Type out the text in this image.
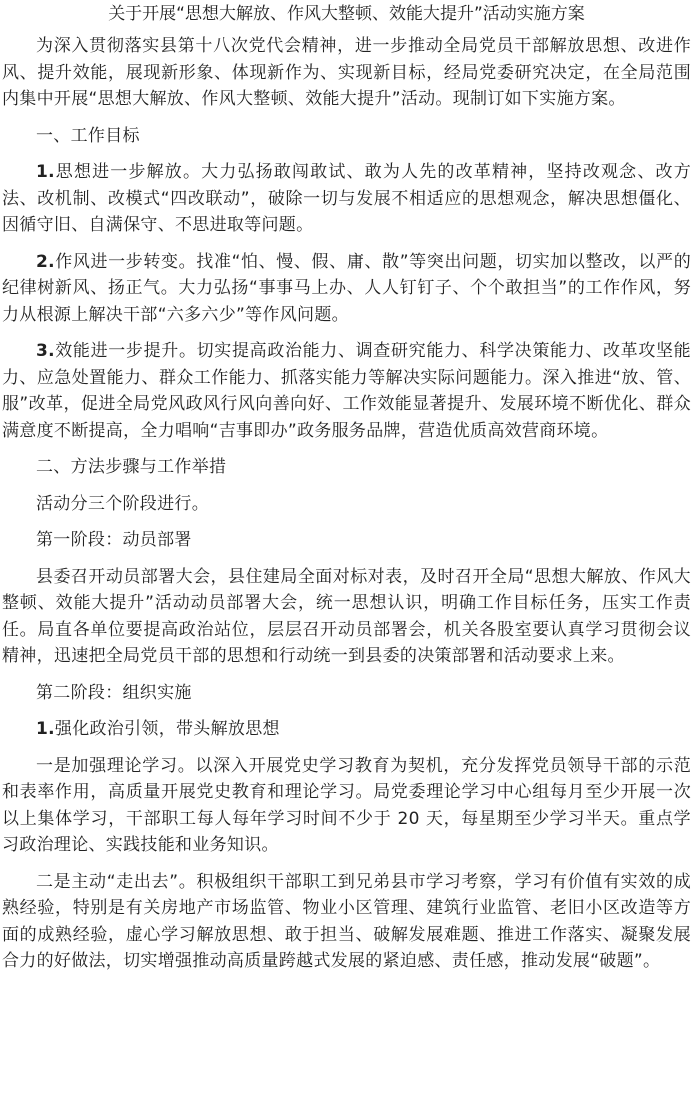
关于开展“思想大解放、作风大整顿、效能大提升”活动实施方案

为深入贯彻落实县第十八次党代会精神，进一步推动全局党员干部解放思想、改进作风、提升效能，展现新形象、体现新作为、实现新目标，经局党委研究决定，在全局范围内集中开展“思想大解放、作风大整顿、效能大提升”活动。现制订如下实施方案。

一、工作目标

1.思想进一步解放。大力弘扬敢闯敢试、敢为人先的改革精神，坚持改观念、改方法、改机制、改模式“四改联动”，破除一切与发展不相适应的思想观念，解决思想僵化、因循守旧、自满保守、不思进取等问题。

2.作风进一步转变。找准“怕、慢、假、庸、散”等突出问题，切实加以整改，以严的纪律树新风、扬正气。大力弘扬“事事马上办、人人钉钉子、个个敢担当”的工作作风，努力从根源上解决干部“六多六少”等作风问题。

3.效能进一步提升。切实提高政治能力、调查研究能力、科学决策能力、改革攻坚能力、应急处置能力、群众工作能力、抓落实能力等解决实际问题能力。深入推进“放、管、服”改革，促进全局党风政风行风向善向好、工作效能显著提升、发展环境不断优化、群众满意度不断提高，全力唱响“吉事即办”政务服务品牌，营造优质高效营商环境。

二、方法步骤与工作举措

活动分三个阶段进行。

第一阶段：动员部署

县委召开动员部署大会，县住建局全面对标对表，及时召开全局“思想大解放、作风大整顿、效能大提升”活动动员部署大会，统一思想认识，明确工作目标任务，压实工作责任。局直各单位要提高政治站位，层层召开动员部署会，机关各股室要认真学习贯彻会议精神，迅速把全局党员干部的思想和行动统一到县委的决策部署和活动要求上来。

第二阶段：组织实施

1.强化政治引领，带头解放思想

一是加强理论学习。以深入开展党史学习教育为契机，充分发挥党员领导干部的示范和表率作用，高质量开展党史教育和理论学习。局党委理论学习中心组每月至少开展一次以上集体学习，干部职工每人每年学习时间不少于 20 天，每星期至少学习半天。重点学习政治理论、实践技能和业务知识。

二是主动“走出去”。积极组织干部职工到兄弟县市学习考察，学习有价值有实效的成熟经验，特别是有关房地产市场监管、物业小区管理、建筑行业监管、老旧小区改造等方面的成熟经验，虚心学习解放思想、敢于担当、破解发展难题、推进工作落实、凝聚发展合力的好做法，切实增强推动高质量跨越式发展的紧迫感、责任感，推动发展“破题”。
